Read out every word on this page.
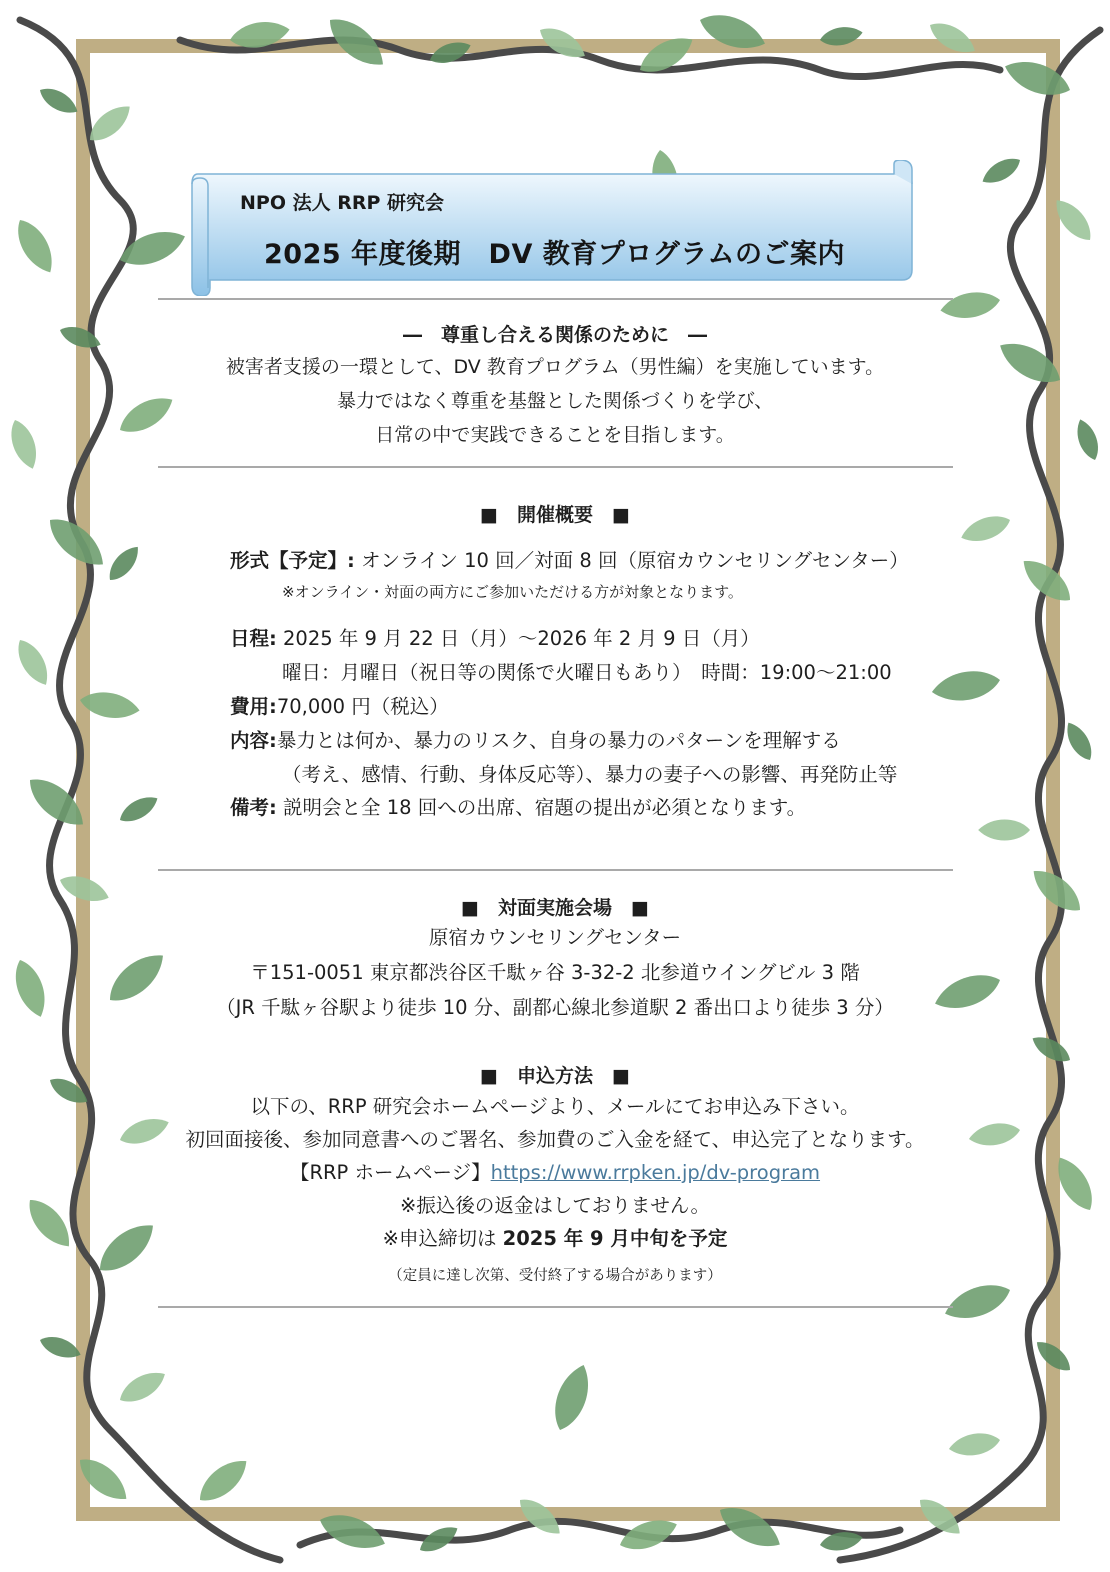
NPO 法人 RRP 研究会
2025 年度後期　DV 教育プログラムのご案内
―　尊重し合える関係のために　―
被害者支援の一環として、DV 教育プログラム（男性編）を実施しています。
暴力ではなく尊重を基盤とした関係づくりを学び、
日常の中で実践できることを目指します。
■　開催概要　■
形式【予定】: オンライン 10 回／対面 8 回（原宿カウンセリングセンター）
※オンライン・対面の両方にご参加いただける方が対象となります。
日程: 2025 年 9 月 22 日（月）～2026 年 2 月 9 日（月）
曜日：月曜日（祝日等の関係で火曜日もあり）　時間：19:00～21:00
費用:70,000 円（税込）
内容:暴力とは何か、暴力のリスク、自身の暴力のパターンを理解する
（考え、感情、行動、身体反応等）、暴力の妻子への影響、再発防止等
備考: 説明会と全 18 回への出席、宿題の提出が必須となります。
■　対面実施会場　■
原宿カウンセリングセンター
〒151-0051 東京都渋谷区千駄ヶ谷 3-32-2 北参道ウイングビル 3 階
（JR 千駄ヶ谷駅より徒歩 10 分、副都心線北参道駅 2 番出口より徒歩 3 分）
■　申込方法　■
以下の、RRP 研究会ホームページより、メールにてお申込み下さい。
初回面接後、参加同意書へのご署名、参加費のご入金を経て、申込完了となります。
【RRP ホームページ】https://www.rrpken.jp/dv-program
※振込後の返金はしておりません。
※申込締切は 2025 年 9 月中旬を予定
（定員に達し次第、受付終了する場合があります）
